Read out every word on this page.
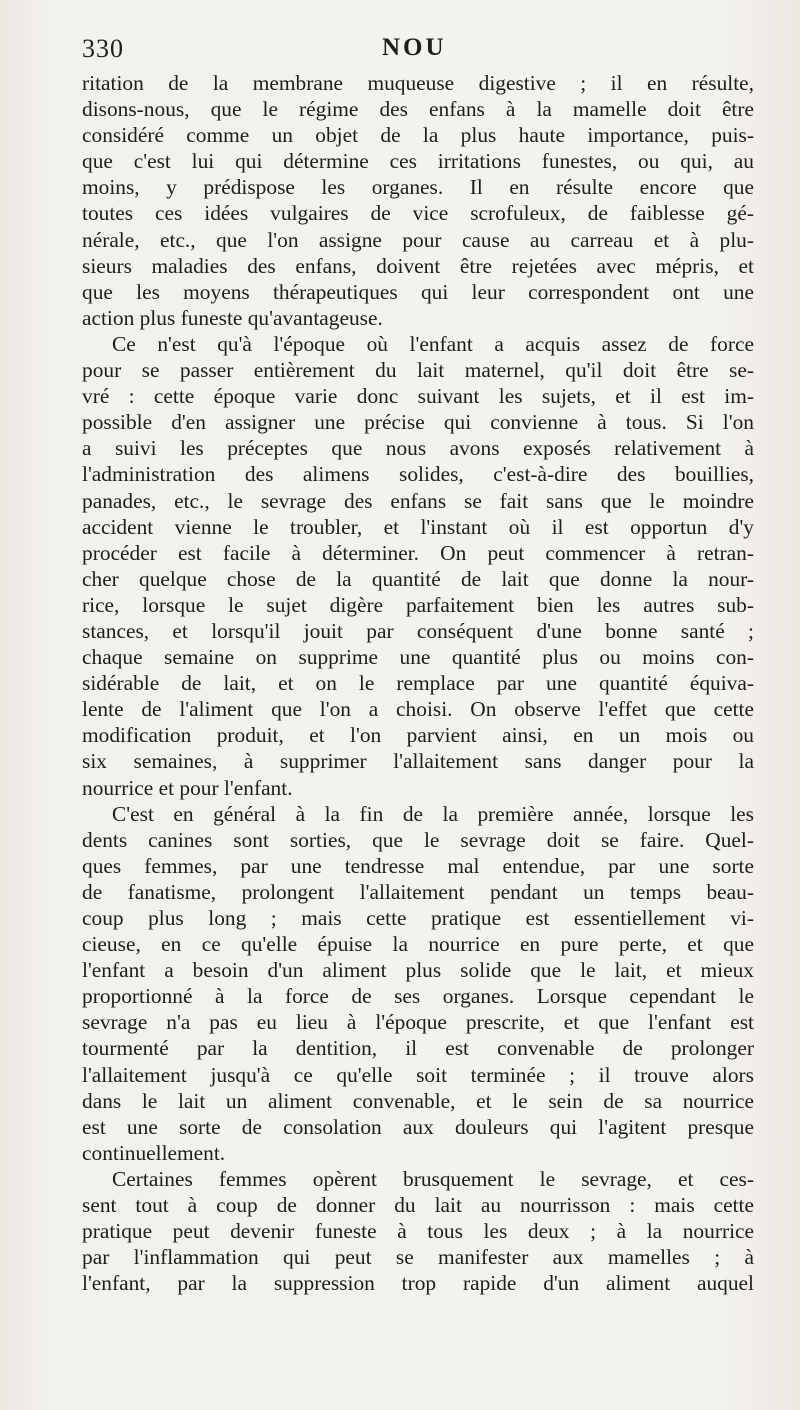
330	NOU
ritation de la membrane muqueuse digestive ; il en résulte,
disons-nous, que le régime des enfans à la mamelle doit être
considéré comme un objet de la plus haute importance, puis-
que c'est lui qui détermine ces irritations funestes, ou qui, au
moins, y prédispose les organes. Il en résulte encore que
toutes ces idées vulgaires de vice scrofuleux, de faiblesse gé-
nérale, etc., que l'on assigne pour cause au carreau et à plu-
sieurs maladies des enfans, doivent être rejetées avec mépris, et
que les moyens thérapeutiques qui leur correspondent ont une
action plus funeste qu'avantageuse.
Ce n'est qu'à l'époque où l'enfant a acquis assez de force
pour se passer entièrement du lait maternel, qu'il doit être se-
vré : cette époque varie donc suivant les sujets, et il est im-
possible d'en assigner une précise qui convienne à tous. Si l'on
a suivi les préceptes que nous avons exposés relativement à
l'administration des alimens solides, c'est-à-dire des bouillies,
panades, etc., le sevrage des enfans se fait sans que le moindre
accident vienne le troubler, et l'instant où il est opportun d'y
procéder est facile à déterminer. On peut commencer à retran-
cher quelque chose de la quantité de lait que donne la nour-
rice, lorsque le sujet digère parfaitement bien les autres sub-
stances, et lorsqu'il jouit par conséquent d'une bonne santé ;
chaque semaine on supprime une quantité plus ou moins con-
sidérable de lait, et on le remplace par une quantité équiva-
lente de l'aliment que l'on a choisi. On observe l'effet que cette
modification produit, et l'on parvient ainsi, en un mois ou
six semaines, à supprimer l'allaitement sans danger pour la
nourrice et pour l'enfant.
C'est en général à la fin de la première année, lorsque les
dents canines sont sorties, que le sevrage doit se faire. Quel-
ques femmes, par une tendresse mal entendue, par une sorte
de fanatisme, prolongent l'allaitement pendant un temps beau-
coup plus long ; mais cette pratique est essentiellement vi-
cieuse, en ce qu'elle épuise la nourrice en pure perte, et que
l'enfant a besoin d'un aliment plus solide que le lait, et mieux
proportionné à la force de ses organes. Lorsque cependant le
sevrage n'a pas eu lieu à l'époque prescrite, et que l'enfant est
tourmenté par la dentition, il est convenable de prolonger
l'allaitement jusqu'à ce qu'elle soit terminée ; il trouve alors
dans le lait un aliment convenable, et le sein de sa nourrice
est une sorte de consolation aux douleurs qui l'agitent presque
continuellement.
Certaines femmes opèrent brusquement le sevrage, et ces-
sent tout à coup de donner du lait au nourrisson : mais cette
pratique peut devenir funeste à tous les deux ; à la nourrice
par l'inflammation qui peut se manifester aux mamelles ; à
l'enfant, par la suppression trop rapide d'un aliment auquel
